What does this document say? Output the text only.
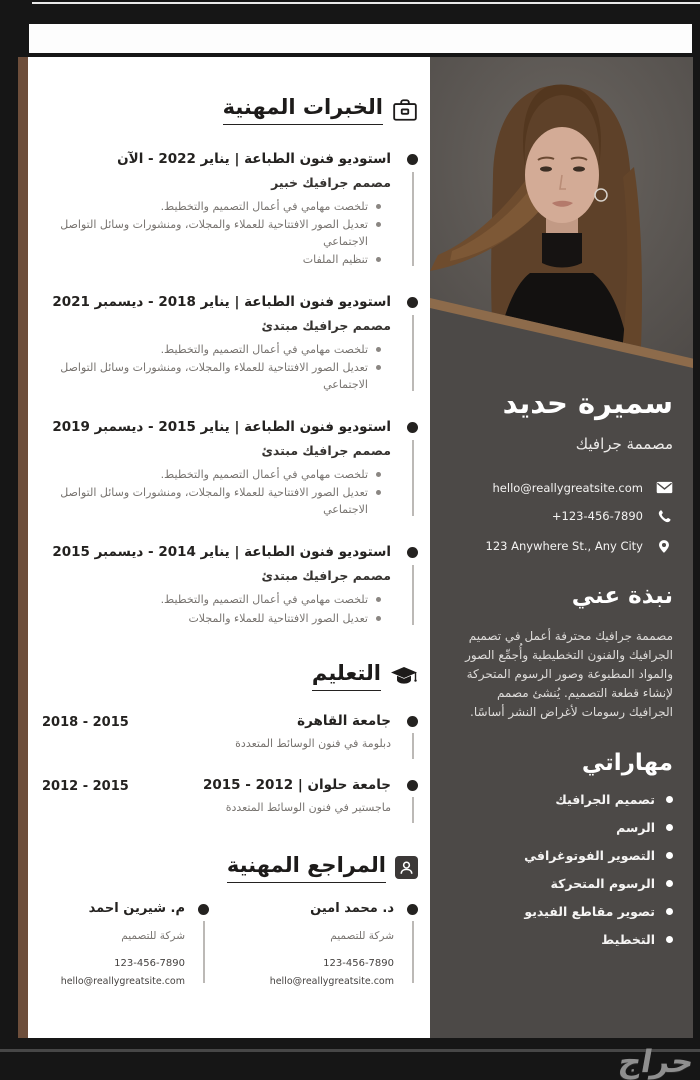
الخبرات المهنية
استوديو فنون الطباعة | يناير 2022 - الآن
مصمم جرافيك خبير
تلخصت مهامي في أعمال التصميم والتخطيط.
تعديل الصور الافتتاحية للعملاء والمجلات، ومنشورات وسائل التواصل الاجتماعي
تنظيم الملفات
استوديو فنون الطباعة | يناير 2018 - ديسمبر 2021
مصمم جرافيك مبتدئ
تلخصت مهامي في أعمال التصميم والتخطيط.
تعديل الصور الافتتاحية للعملاء والمجلات، ومنشورات وسائل التواصل الاجتماعي
استوديو فنون الطباعة | يناير 2015 - ديسمبر 2019
مصمم جرافيك مبتدئ
تلخصت مهامي في أعمال التصميم والتخطيط.
تعديل الصور الافتتاحية للعملاء والمجلات، ومنشورات وسائل التواصل الاجتماعي
استوديو فنون الطباعة | يناير 2014 - ديسمبر 2015
مصمم جرافيك مبتدئ
تلخصت مهامي في أعمال التصميم والتخطيط.
تعديل الصور الافتتاحية للعملاء والمجلات
التعليم
2018 - 2015	جامعة القاهرة
دبلومة في فنون الوسائط المتعددة
2012 - 2015	جامعة حلوان | 2012 - 2015
ماجستير في فنون الوسائط المتعددة
المراجع المهنية
د. محمد امين
شركة للتصميم
123-456-7890
hello@reallygreatsite.com
م. شيرين احمد
شركة للتصميم
123-456-7890
hello@reallygreatsite.com
سميرة حديد
مصممة جرافيك
hello@reallygreatsite.com
+123-456-7890
123 Anywhere St., Any City
نبذة عني
مصممة جرافيك محترفة أعمل في تصميم الجرافيك والفنون التخطيطية وأُجمِّع الصور والمواد المطبوعة وصور الرسوم المتحركة لإنشاء قطعة التصميم. يُنشئ مصمم الجرافيك رسومات لأغراض النشر أساسًا.
مهاراتي
تصميم الجرافيك
الرسم
التصوير الفوتوغرافي
الرسوم المتحركة
تصوير مقاطع الفيديو
التخطيط
حراج
